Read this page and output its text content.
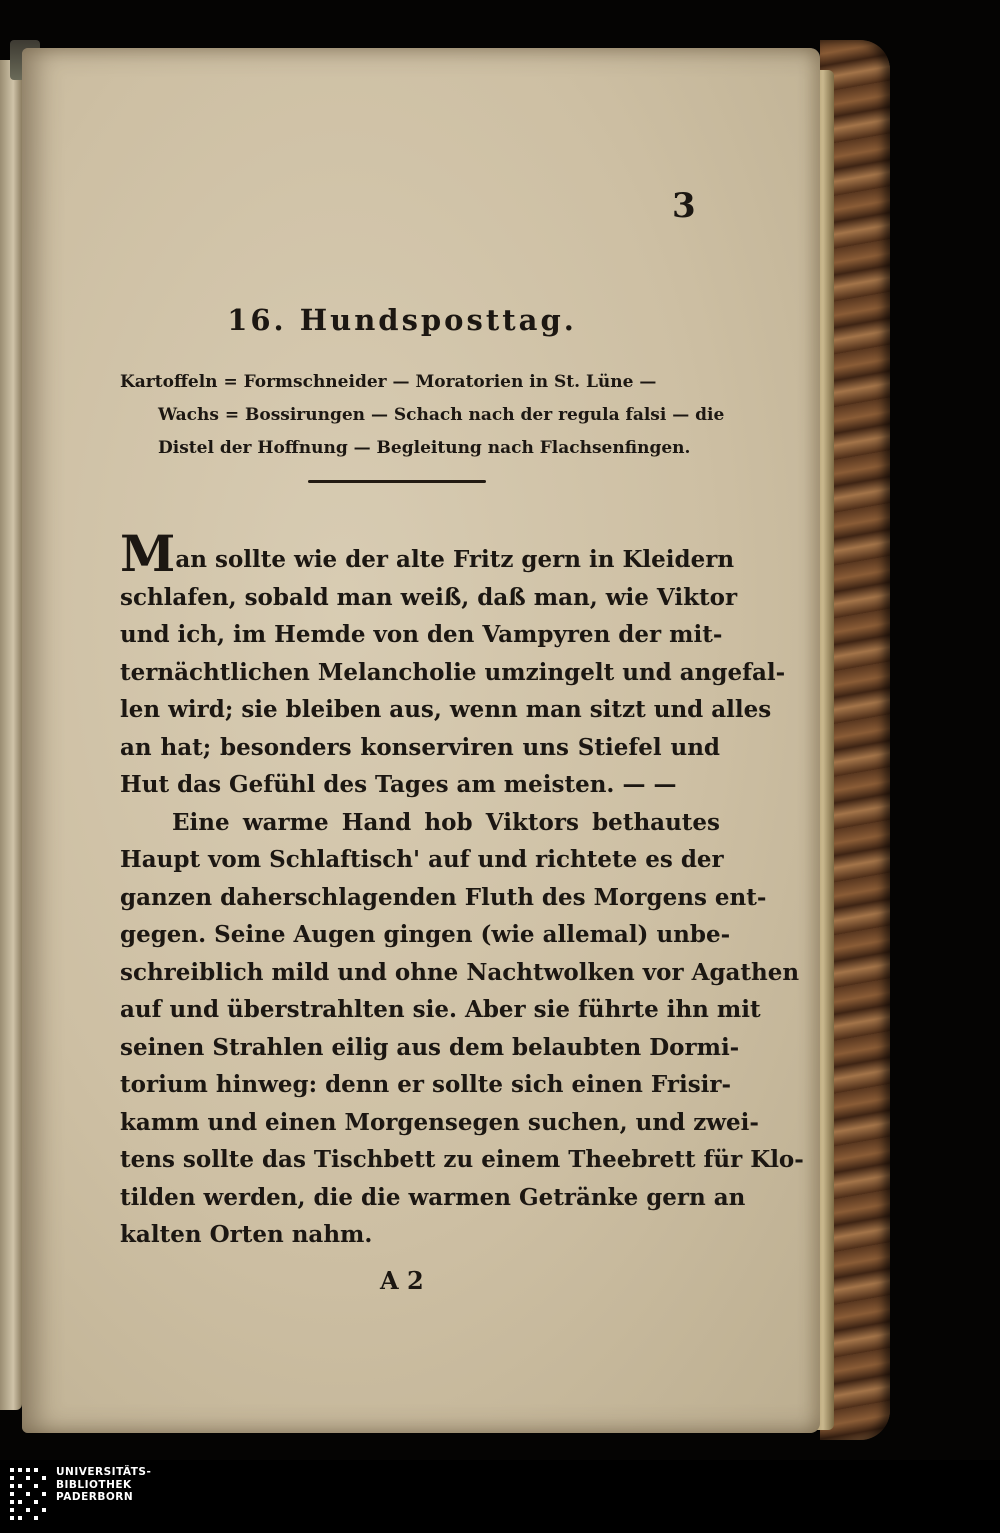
3
16. Hundsposttag.
Kartoffeln = Formschneider — Moratorien in St. Lüne —
Wachs = Bossirungen — Schach nach der regula falsi — die
Distel der Hoffnung — Begleitung nach Flachsenfingen.
Man sollte wie der alte Fritz gern in Kleidern
schlafen, sobald man weiß, daß man, wie Viktor
und ich, im Hemde von den Vampyren der mit-
ternächtlichen Melancholie umzingelt und angefal-
len wird; sie bleiben aus, wenn man sitzt und alles
an hat; besonders konserviren uns Stiefel und
Hut das Gefühl des Tages am meisten. — —
Eine warme Hand hob Viktors bethautes
Haupt vom Schlaftisch' auf und richtete es der
ganzen daherschlagenden Fluth des Morgens ent-
gegen. Seine Augen gingen (wie allemal) unbe-
schreiblich mild und ohne Nachtwolken vor Agathen
auf und überstrahlten sie. Aber sie führte ihn mit
seinen Strahlen eilig aus dem belaubten Dormi-
torium hinweg: denn er sollte sich einen Frisir-
kamm und einen Morgensegen suchen, und zwei-
tens sollte das Tischbett zu einem Theebrett für Klo-
tilden werden, die die warmen Getränke gern an
kalten Orten nahm.
A 2
UNIVERSITÄTS-
BIBLIOTHEK
PADERBORN
